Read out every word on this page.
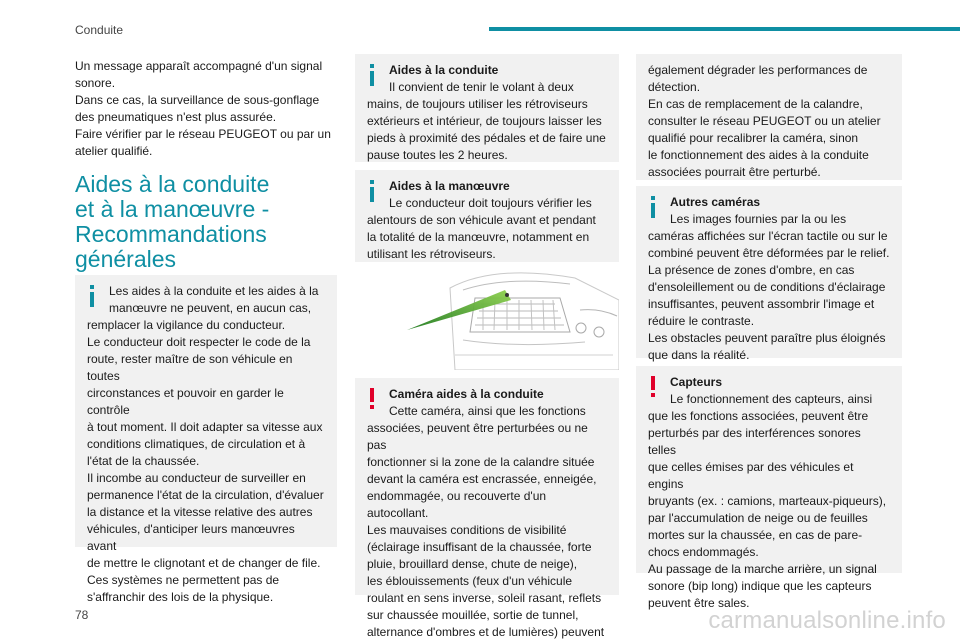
Conduite
78	carmanualsonline.info

Un message apparaît accompagné d'un signal
sonore.
Dans ce cas, la surveillance de sous-gonflage
des pneumatiques n'est plus assurée.
Faire vérifier par le réseau PEUGEOT ou par un
atelier qualifié.

Aides à la conduite
et à la manœuvre -
Recommandations
générales
Les aides à la conduite et les aides à la
manœuvre ne peuvent, en aucun cas,
remplacer la vigilance du conducteur.
Le conducteur doit respecter le code de la
route, rester maître de son véhicule en toutes
circonstances et pouvoir en garder le contrôle
à tout moment. Il doit adapter sa vitesse aux
conditions climatiques, de circulation et à
l'état de la chaussée.
Il incombe au conducteur de surveiller en
permanence l'état de la circulation, d'évaluer
la distance et la vitesse relative des autres
véhicules, d'anticiper leurs manœuvres avant
de mettre le clignotant et de changer de file.
Ces systèmes ne permettent pas de
s'affranchir des lois de la physique.
Aides à la conduite
Il convient de tenir le volant à deux
mains, de toujours utiliser les rétroviseurs
extérieurs et intérieur, de toujours laisser les
pieds à proximité des pédales et de faire une
pause toutes les 2 heures.
Aides à la manœuvre
Le conducteur doit toujours vérifier les
alentours de son véhicule avant et pendant
la totalité de la manœuvre, notamment en
utilisant les rétroviseurs.
Caméra aides à la conduite
Cette caméra, ainsi que les fonctions
associées, peuvent être perturbées ou ne pas
fonctionner si la zone de la calandre située
devant la caméra est encrassée, enneigée,
endommagée, ou recouverte d'un autocollant.
Les mauvaises conditions de visibilité
(éclairage insuffisant de la chaussée, forte
pluie, brouillard dense, chute de neige),
les éblouissements (feux d'un véhicule
roulant en sens inverse, soleil rasant, reflets
sur chaussée mouillée, sortie de tunnel,
alternance d'ombres et de lumières) peuvent
également dégrader les performances de
détection.
En cas de remplacement de la calandre,
consulter le réseau PEUGEOT ou un atelier
qualifié pour recalibrer la caméra, sinon
le fonctionnement des aides à la conduite
associées pourrait être perturbé.
Autres caméras
Les images fournies par la ou les
caméras affichées sur l'écran tactile ou sur le
combiné peuvent être déformées par le relief.
La présence de zones d'ombre, en cas
d'ensoleillement ou de conditions d'éclairage
insuffisantes, peuvent assombrir l'image et
réduire le contraste.
Les obstacles peuvent paraître plus éloignés
que dans la réalité.
Capteurs
Le fonctionnement des capteurs, ainsi
que les fonctions associées, peuvent être
perturbés par des interférences sonores telles
que celles émises par des véhicules et engins
bruyants (ex. : camions, marteaux-piqueurs),
par l'accumulation de neige ou de feuilles
mortes sur la chaussée, en cas de pare-
chocs endommagés.
Au passage de la marche arrière, un signal
sonore (bip long) indique que les capteurs
peuvent être sales.
